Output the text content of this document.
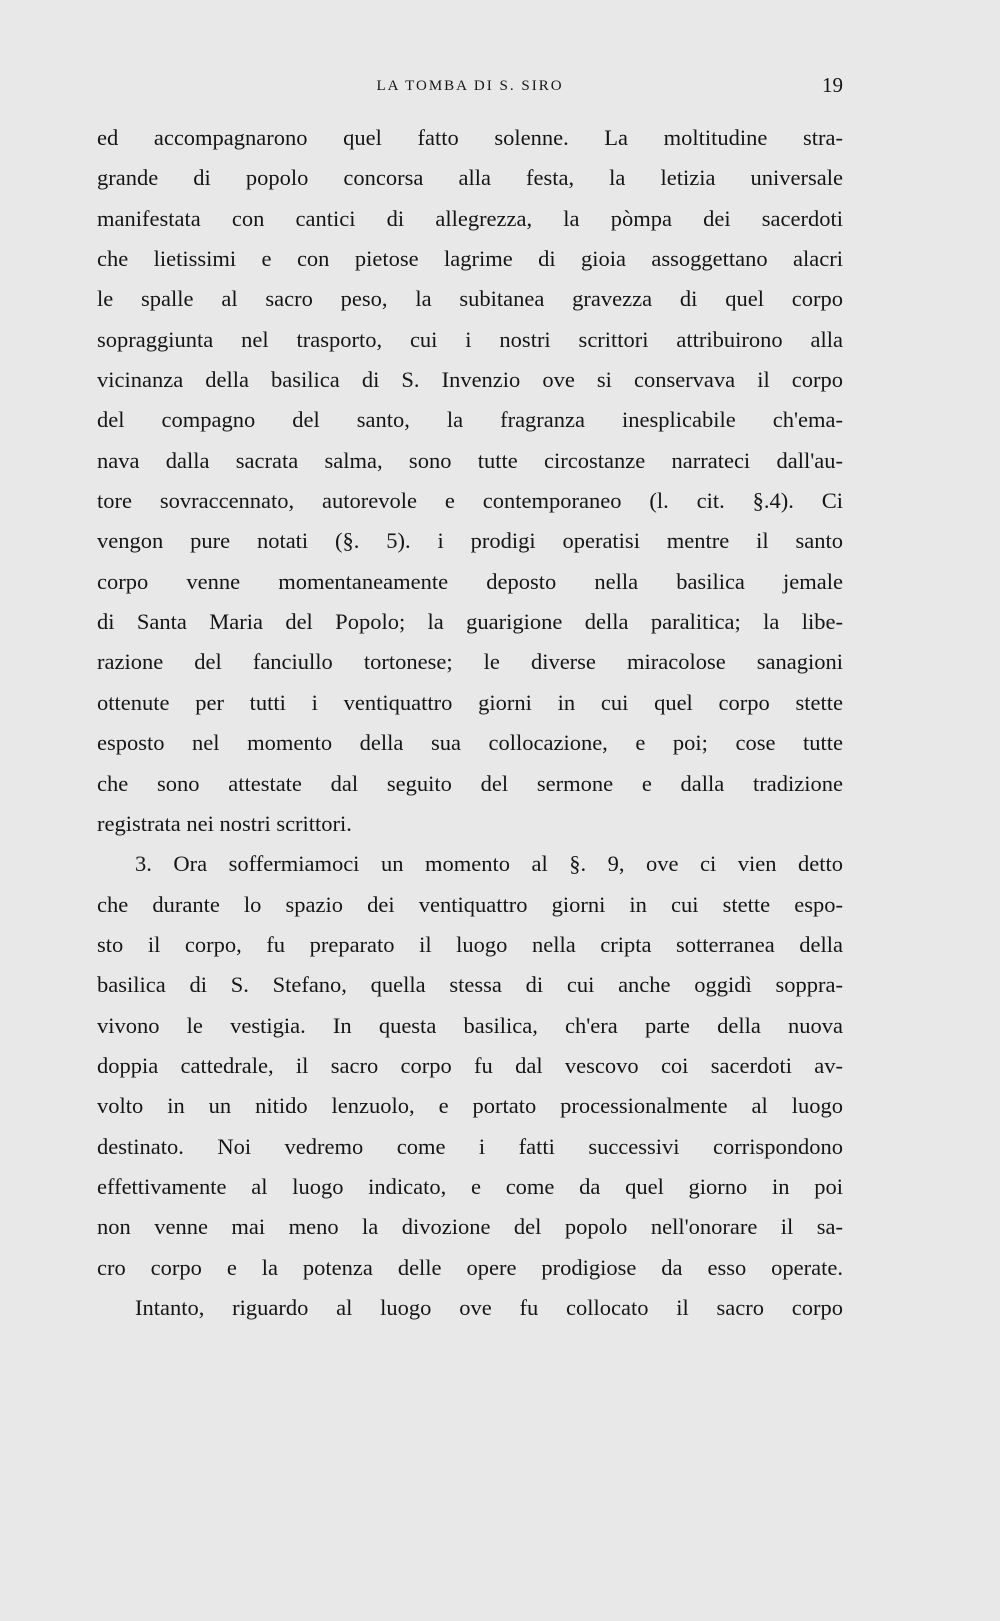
LA TOMBA DI S. SIRO	19
ed accompagnarono quel fatto solenne. La moltitudine stra-
grande di popolo concorsa alla festa, la letizia universale
manifestata con cantici di allegrezza, la pòmpa dei sacerdoti
che lietissimi e con pietose lagrime di gioia assoggettano alacri
le spalle al sacro peso, la subitanea gravezza di quel corpo
sopraggiunta nel trasporto, cui i nostri scrittori attribuirono alla
vicinanza della basilica di S. Invenzio ove si conservava il corpo
del compagno del santo, la fragranza inesplicabile ch'ema-
nava dalla sacrata salma, sono tutte circostanze narrateci dall'au-
tore sovraccennato, autorevole e contemporaneo (l. cit. §.4). Ci
vengon pure notati (§. 5). i prodigi operatisi mentre il santo
corpo venne momentaneamente deposto nella basilica jemale
di Santa Maria del Popolo; la guarigione della paralitica; la libe-
razione del fanciullo tortonese; le diverse miracolose sanagioni
ottenute per tutti i ventiquattro giorni in cui quel corpo stette
esposto nel momento della sua collocazione, e poi; cose tutte
che sono attestate dal seguito del sermone e dalla tradizione
registrata nei nostri scrittori.
3. Ora soffermiamoci un momento al §. 9, ove ci vien detto
che durante lo spazio dei ventiquattro giorni in cui stette espo-
sto il corpo, fu preparato il luogo nella cripta sotterranea della
basilica di S. Stefano, quella stessa di cui anche oggidì soppra-
vivono le vestigia. In questa basilica, ch'era parte della nuova
doppia cattedrale, il sacro corpo fu dal vescovo coi sacerdoti av-
volto in un nitido lenzuolo, e portato processionalmente al luogo
destinato. Noi vedremo come i fatti successivi corrispondono
effettivamente al luogo indicato, e come da quel giorno in poi
non venne mai meno la divozione del popolo nell'onorare il sa-
cro corpo e la potenza delle opere prodigiose da esso operate.
Intanto, riguardo al luogo ove fu collocato il sacro corpo
